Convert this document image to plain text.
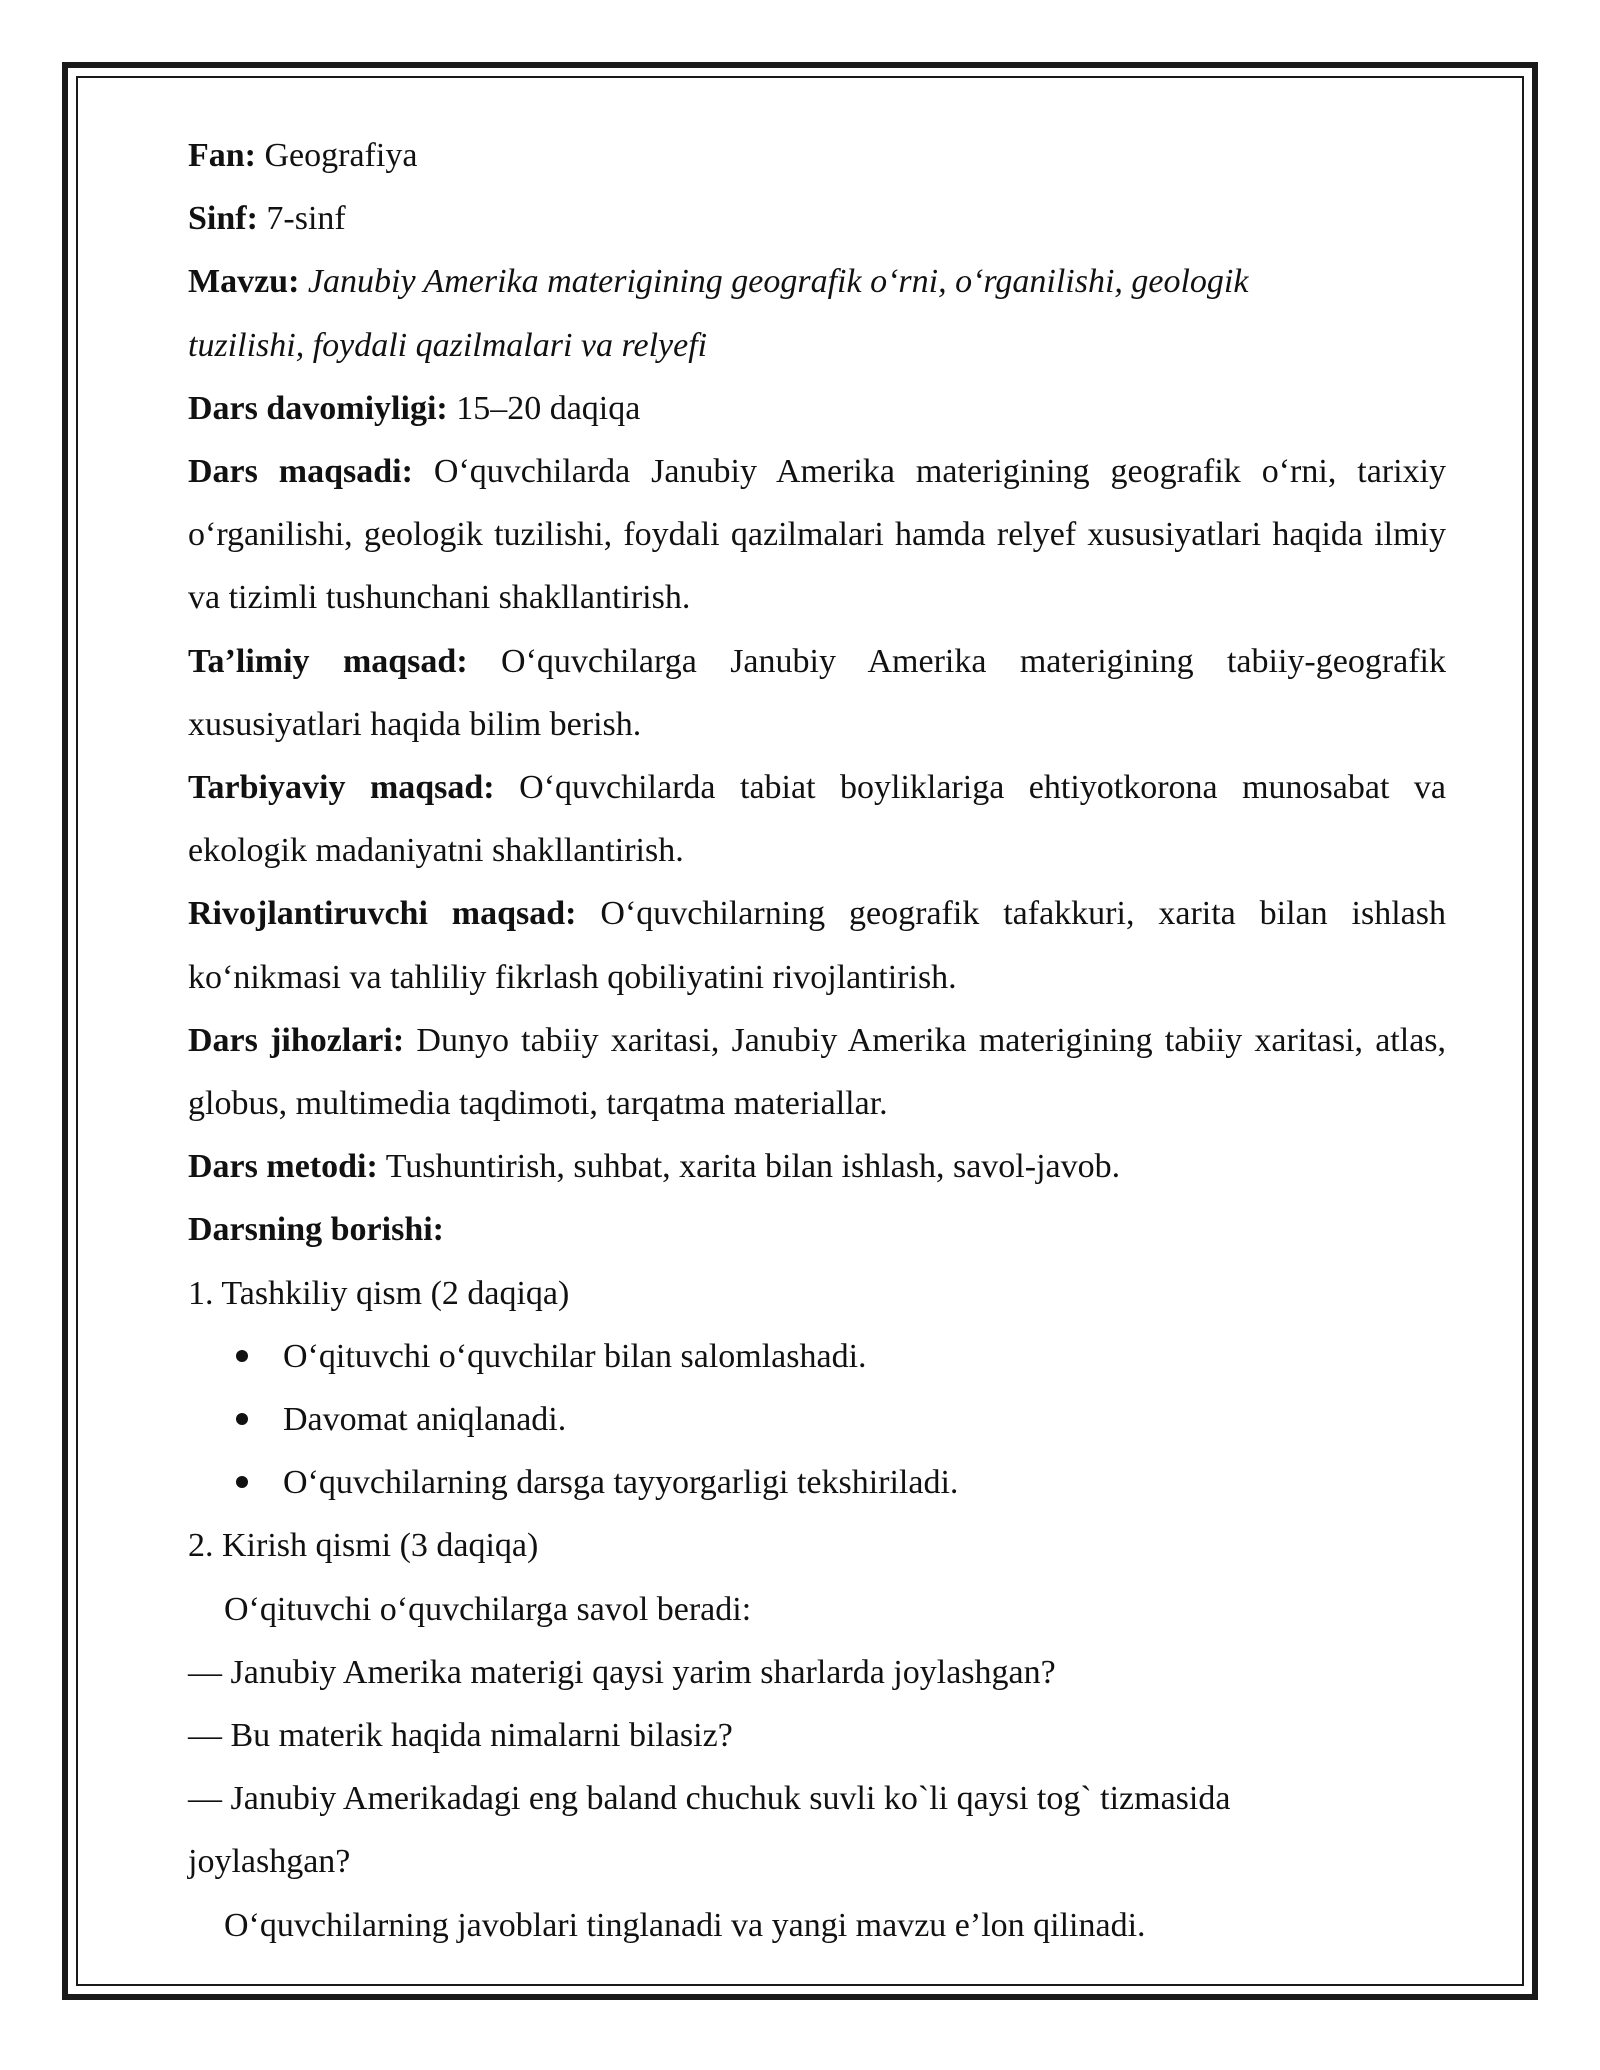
Fan: Geografiya

Sinf: 7-sinf

Mavzu: Janubiy Amerika materigining geografik oʻrni, oʻrganilishi, geologik

tuzilishi, foydali qazilmalari va relyefi

Dars davomiyligi: 15–20 daqiqa

Dars maqsadi: Oʻquvchilarda Janubiy Amerika materigining geografik oʻrni, tarixiy oʻrganilishi, geologik tuzilishi, foydali qazilmalari hamda relyef xususiyatlari haqida ilmiy va tizimli tushunchani shakllantirish.

Ta’limiy maqsad: Oʻquvchilarga Janubiy Amerika materigining tabiiy-geografik xususiyatlari haqida bilim berish.

Tarbiyaviy maqsad: Oʻquvchilarda tabiat boyliklariga ehtiyotkorona munosabat va ekologik madaniyatni shakllantirish.

Rivojlantiruvchi maqsad: Oʻquvchilarning geografik tafakkuri, xarita bilan ishlash koʻnikmasi va tahliliy fikrlash qobiliyatini rivojlantirish.

Dars jihozlari: Dunyo tabiiy xaritasi, Janubiy Amerika materigining tabiiy xaritasi, atlas, globus, multimedia taqdimoti, tarqatma materiallar.

Dars metodi: Tushuntirish, suhbat, xarita bilan ishlash, savol-javob.

Darsning borishi:

1. Tashkiliy qism (2 daqiqa)

Oʻqituvchi oʻquvchilar bilan salomlashadi.
Davomat aniqlanadi.
Oʻquvchilarning darsga tayyorgarligi tekshiriladi.

2. Kirish qismi (3 daqiqa)

Oʻqituvchi oʻquvchilarga savol beradi:

— Janubiy Amerika materigi qaysi yarim sharlarda joylashgan?

— Bu materik haqida nimalarni bilasiz?

— Janubiy Amerikadagi eng baland chuchuk suvli ko`li qaysi tog` tizmasida

joylashgan?

Oʻquvchilarning javoblari tinglanadi va yangi mavzu e’lon qilinadi.
